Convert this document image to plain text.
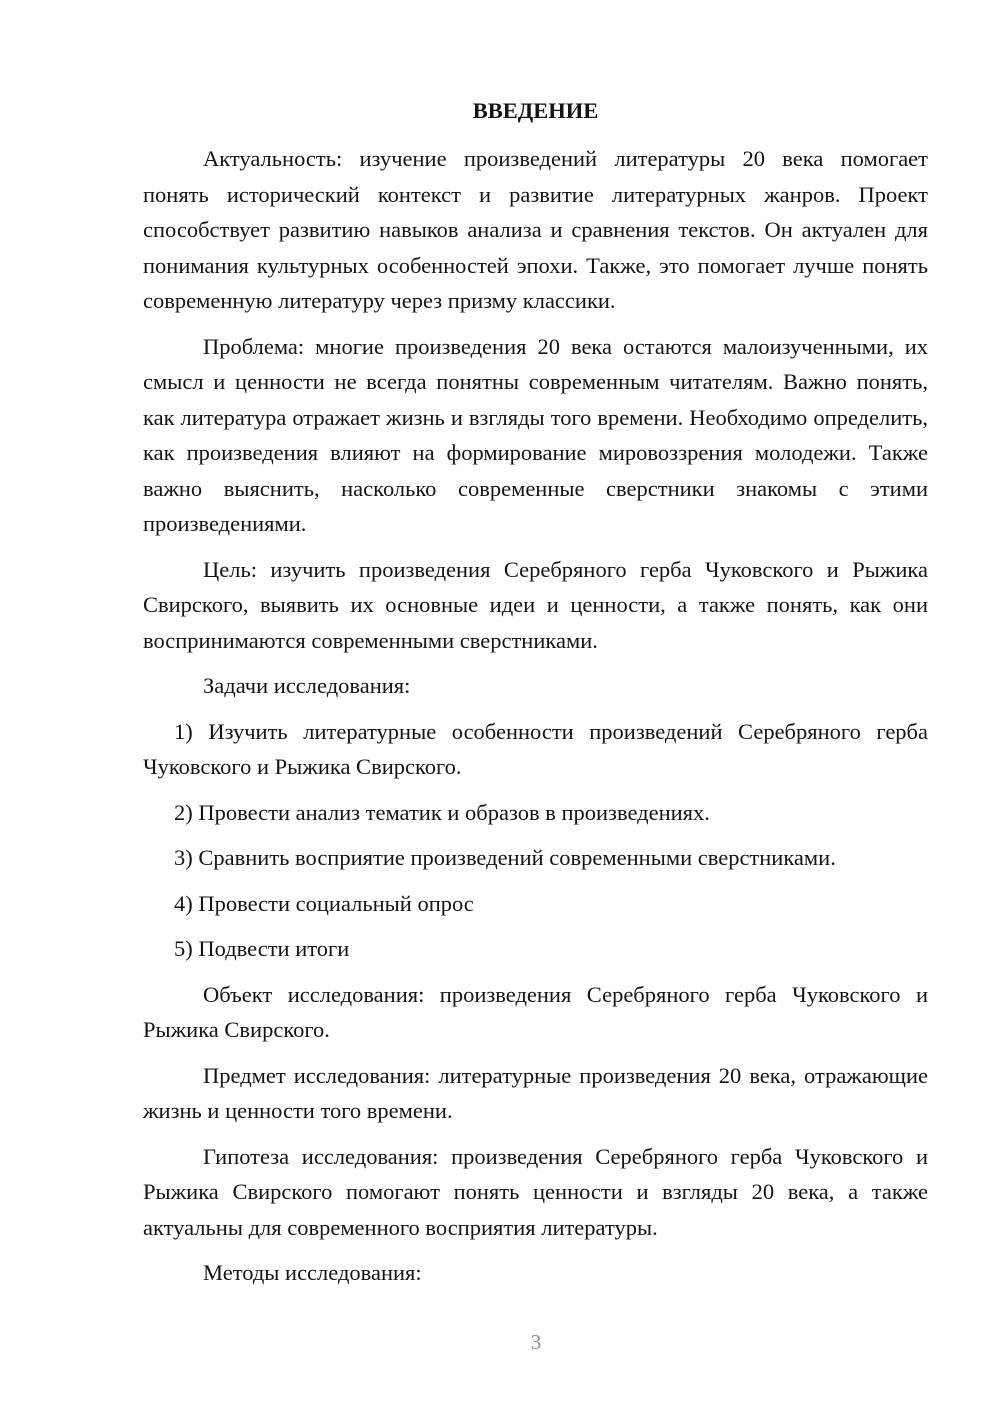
ВВЕДЕНИЕ

Актуальность: изучение произведений литературы 20 века помогает понять исторический контекст и развитие литературных жанров. Проект способствует развитию навыков анализа и сравнения текстов. Он актуален для понимания культурных особенностей эпохи. Также, это помогает лучше понять современную литературу через призму классики.

Проблема: многие произведения 20 века остаются малоизученными, их смысл и ценности не всегда понятны современным читателям. Важно понять, как литература отражает жизнь и взгляды того времени. Необходимо определить, как произведения влияют на формирование мировоззрения молодежи. Также важно выяснить, насколько современные сверстники знакомы с этими произведениями.

Цель: изучить произведения Серебряного герба Чуковского и Рыжика Свирского, выявить их основные идеи и ценности, а также понять, как они воспринимаются современными сверстниками.

Задачи исследования:

1) Изучить литературные особенности произведений Серебряного герба Чуковского и Рыжика Свирского.

2) Провести анализ тематик и образов в произведениях.

3) Сравнить восприятие произведений современными сверстниками.

4) Провести социальный опрос

5) Подвести итоги

Объект исследования: произведения Серебряного герба Чуковского и Рыжика Свирского.

Предмет исследования: литературные произведения 20 века, отражающие жизнь и ценности того времени.

Гипотеза исследования: произведения Серебряного герба Чуковского и Рыжика Свирского помогают понять ценности и взгляды 20 века, а также актуальны для современного восприятия литературы.

Методы исследования:

3
